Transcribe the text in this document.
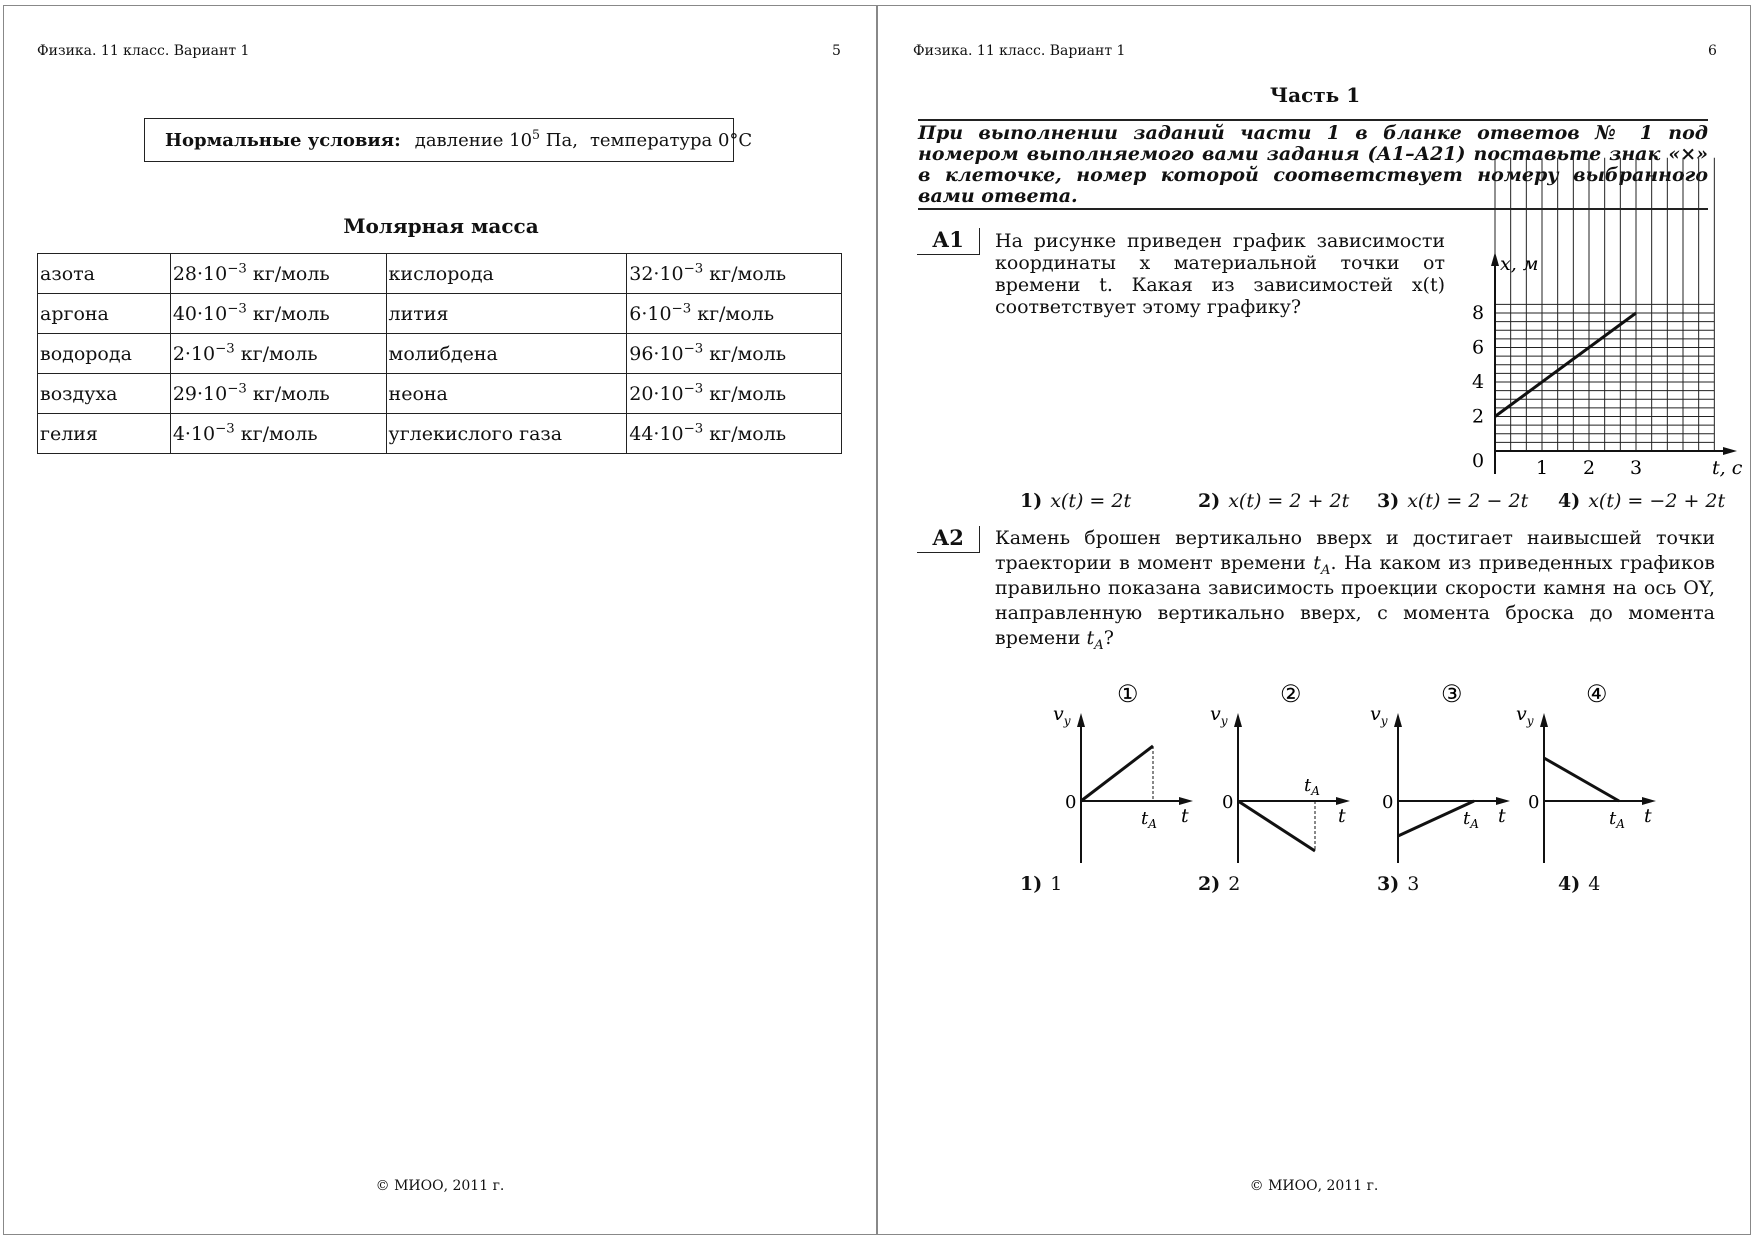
Физика. 11 класс. Вариант 1	5
Нормальные условия: давление $10^5$ Па, температура 0°С
Молярная масса
азота	$28\cdot 10^{-3}$ кг/моль	кислорода	$32\cdot 10^{-3}$ кг/моль
аргона	$40\cdot 10^{-3}$ кг/моль	лития	$6\cdot 10^{-3}$ кг/моль
водорода	$2\cdot 10^{-3}$ кг/моль	молибдена	$96\cdot 10^{-3}$ кг/моль
воздуха	$29\cdot 10^{-3}$ кг/моль	неона	$20\cdot 10^{-3}$ кг/моль
гелия	$4\cdot 10^{-3}$ кг/моль	углекислого газа	$44\cdot 10^{-3}$ кг/моль
© МИОО, 2011 г.
Физика. 11 класс. Вариант 1	6
Часть 1
При выполнении заданий части 1 в бланке ответов № 1 под номером выполняемого вами задания (А1–А21) поставьте знак «×» в клеточке, номер которой соответствует номеру выбранного вами ответа.
А1	На рисунке приведен график зависимости координаты x материальной точки от времени t. Какая из зависимостей x(t) соответствует этому графику?
x, м
t, с
0
2
4
6
8
1 2 3
1) x(t) = 2t	2) x(t) = 2 + 2t 3) x(t) = 2 − 2t 4) x(t) = −2 + 2t
А2	Камень брошен вертикально вверх и достигает наивысшей точки траектории в момент времени $t_A$. На каком из приведенных графиков правильно показана зависимость проекции скорости камня на ось OY, направленную вертикально вверх, с момента броска до момента времени $t_A$?
$v_y$
0
t
$t_A$
①
$v_y$
0
t
$t_A$
②
$v_y$
0
t
$t_A$
③
$v_y$
0
t
$t_A$
④
1) 1	2) 2	3) 3	4) 4
© МИОО, 2011 г.
